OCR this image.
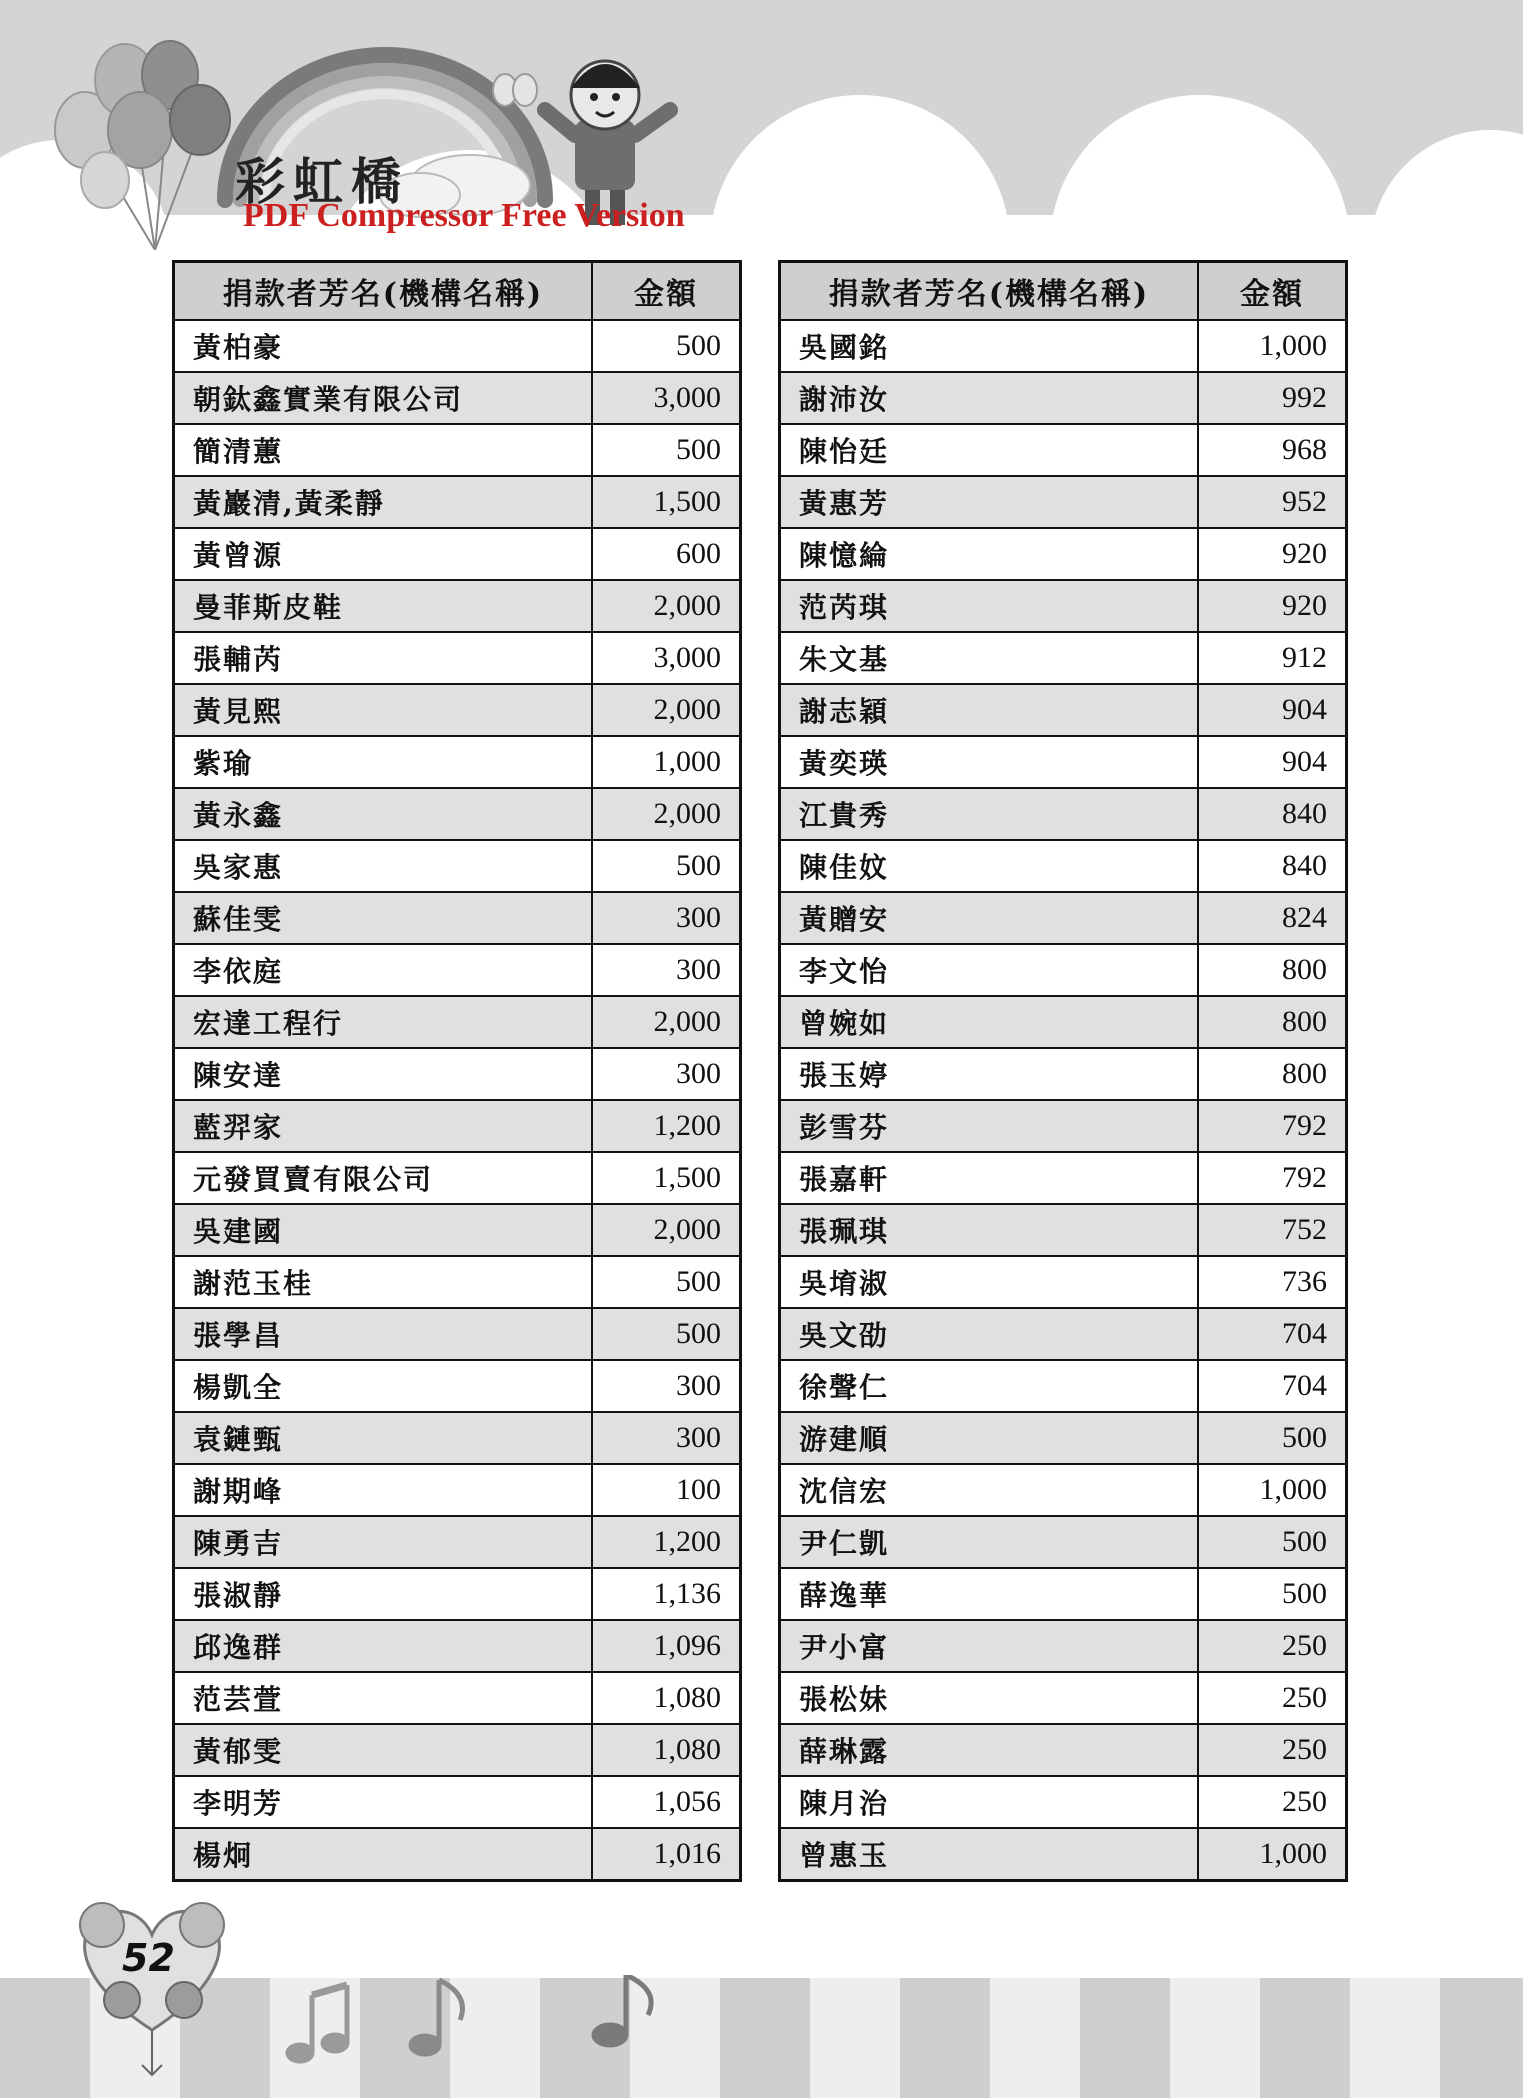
彩虹橋
PDF Compressor Free Version
捐款者芳名(機構名稱)	金額
黃柏豪	500
朝鈦鑫實業有限公司	3,000
簡清蕙	500
黃巖清,黃柔靜	1,500
黃曾源	600
曼菲斯皮鞋	2,000
張輔芮	3,000
黃見熙	2,000
紫瑜	1,000
黃永鑫	2,000
吳家惠	500
蘇佳雯	300
李依庭	300
宏達工程行	2,000
陳安達	300
藍羿家	1,200
元發買賣有限公司	1,500
吳建國	2,000
謝范玉桂	500
張學昌	500
楊凱全	300
袁鏈甄	300
謝期峰	100
陳勇吉	1,200
張淑靜	1,136
邱逸群	1,096
范芸萱	1,080
黃郁雯	1,080
李明芳	1,056
楊炯	1,016
捐款者芳名(機構名稱)	金額
吳國銘	1,000
謝沛汝	992
陳怡廷	968
黃惠芳	952
陳憶綸	920
范芮琪	920
朱文基	912
謝志穎	904
黃奕瑛	904
江貴秀	840
陳佳妏	840
黃贈安	824
李文怡	800
曾婉如	800
張玉婷	800
彭雪芬	792
張嘉軒	792
張珮琪	752
吳堉淑	736
吳文劭	704
徐聲仁	704
游建順	500
沈信宏	1,000
尹仁凱	500
薛逸華	500
尹小富	250
張松妹	250
薛琳露	250
陳月治	250
曾惠玉	1,000
52
